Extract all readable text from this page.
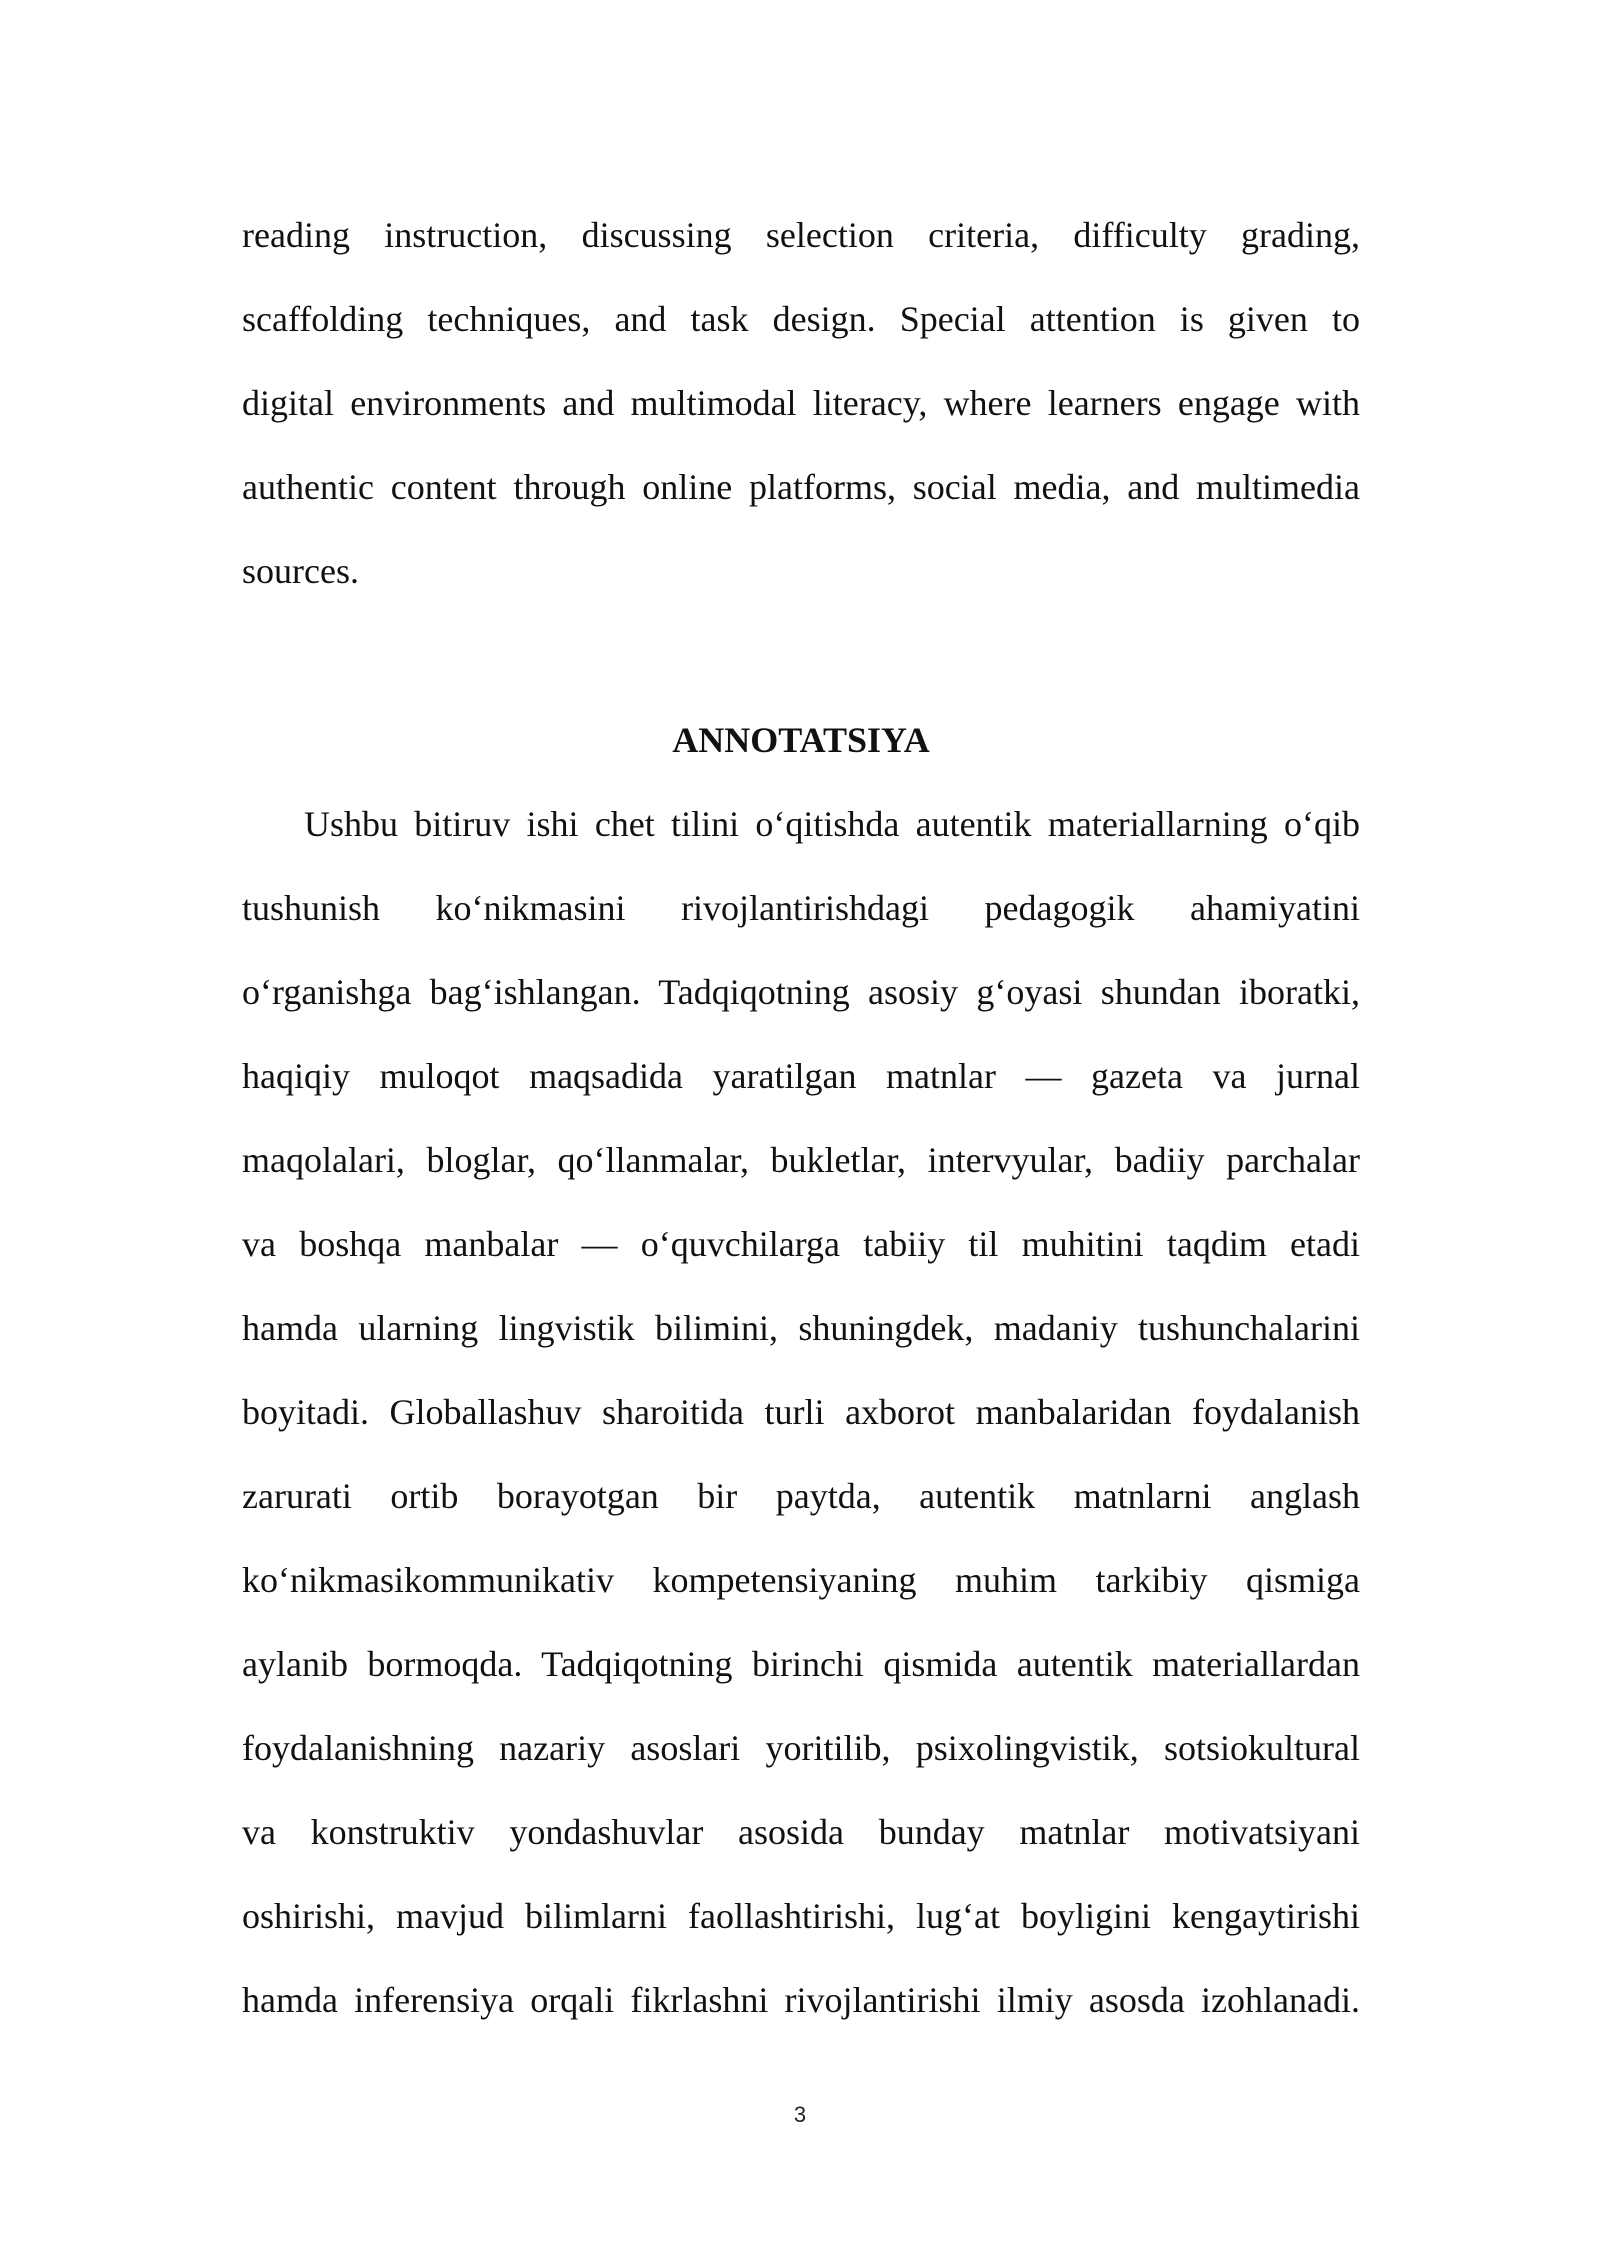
reading instruction, discussing selection criteria, difficulty grading,
scaffolding techniques, and task design. Special attention is given to
digital environments and multimodal literacy, where learners engage with
authentic content through online platforms, social media, and multimedia
sources.
ANNOTATSIYA
Ushbu bitiruv ishi chet tilini o‘qitishda autentik materiallarning o‘qib
tushunish ko‘nikmasini rivojlantirishdagi pedagogik ahamiyatini
o‘rganishga bag‘ishlangan. Tadqiqotning asosiy g‘oyasi shundan iboratki,
haqiqiy muloqot maqsadida yaratilgan matnlar — gazeta va jurnal
maqolalari, bloglar, qo‘llanmalar, bukletlar, intervyular, badiiy parchalar
va boshqa manbalar — o‘quvchilarga tabiiy til muhitini taqdim etadi
hamda ularning lingvistik bilimini, shuningdek, madaniy tushunchalarini
boyitadi. Globallashuv sharoitida turli axborot manbalaridan foydalanish
zarurati ortib borayotgan bir paytda, autentik matnlarni anglash
ko‘nikmasikommunikativ kompetensiyaning muhim tarkibiy qismiga
aylanib bormoqda. Tadqiqotning birinchi qismida autentik materiallardan
foydalanishning nazariy asoslari yoritilib, psixolingvistik, sotsiokultural
va konstruktiv yondashuvlar asosida bunday matnlar motivatsiyani
oshirishi, mavjud bilimlarni faollashtirishi, lug‘at boyligini kengaytirishi
hamda inferensiya orqali fikrlashni rivojlantirishi ilmiy asosda izohlanadi.
3
